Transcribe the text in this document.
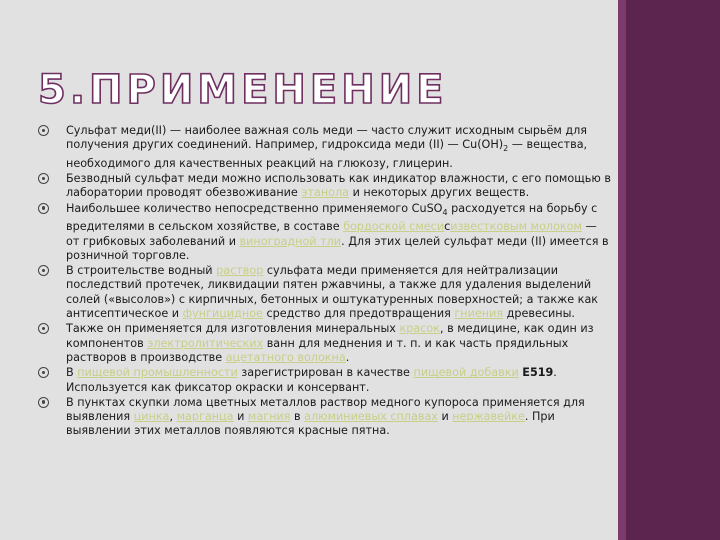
5.ПРИМЕНЕНИЕ
Сульфат меди(II) — наиболее важная соль меди — часто служит исходным сырьём для получения других соединений. Например, гидроксида меди (II) — $Cu(OH)_2$ — вещества, необходимого для качественных реакций на глюкозу, глицерин.
Безводный сульфат меди можно использовать как индикатор влажности, с его помощью в лаборатории проводят обезвоживание этанола и некоторых других веществ.
Наибольшее количество непосредственно применяемого CuSO$_4$ расходуется на борьбу с вредителями в сельском хозяйстве, в составе бордоской смесисизвестковым молоком — от грибковых заболеваний и виноградной тли. Для этих целей сульфат меди (II) имеется в розничной торговле.
В строительстве водный раствор сульфата меди применяется для нейтрализации последствий протечек, ликвидации пятен ржавчины, а также для удаления выделений солей («высолов») с кирпичных, бетонных и оштукатуренных поверхностей; а также как антисептическое и фунгицидное средство для предотвращения гниения древесины.
Также он применяется для изготовления минеральных красок, в медицине, как один из компонентов электролитических ванн для меднения и т. п. и как часть прядильных растворов в производстве ацетатного волокна.
В пищевой промышленности зарегистрирован в качестве пищевой добавки E519. Используется как фиксатор окраски и консервант.
В пунктах скупки лома цветных металлов раствор медного купороса применяется для выявления цинка, марганца и магния в алюминиевых сплавах и нержавейке. При выявлении этих металлов появляются красные пятна.
